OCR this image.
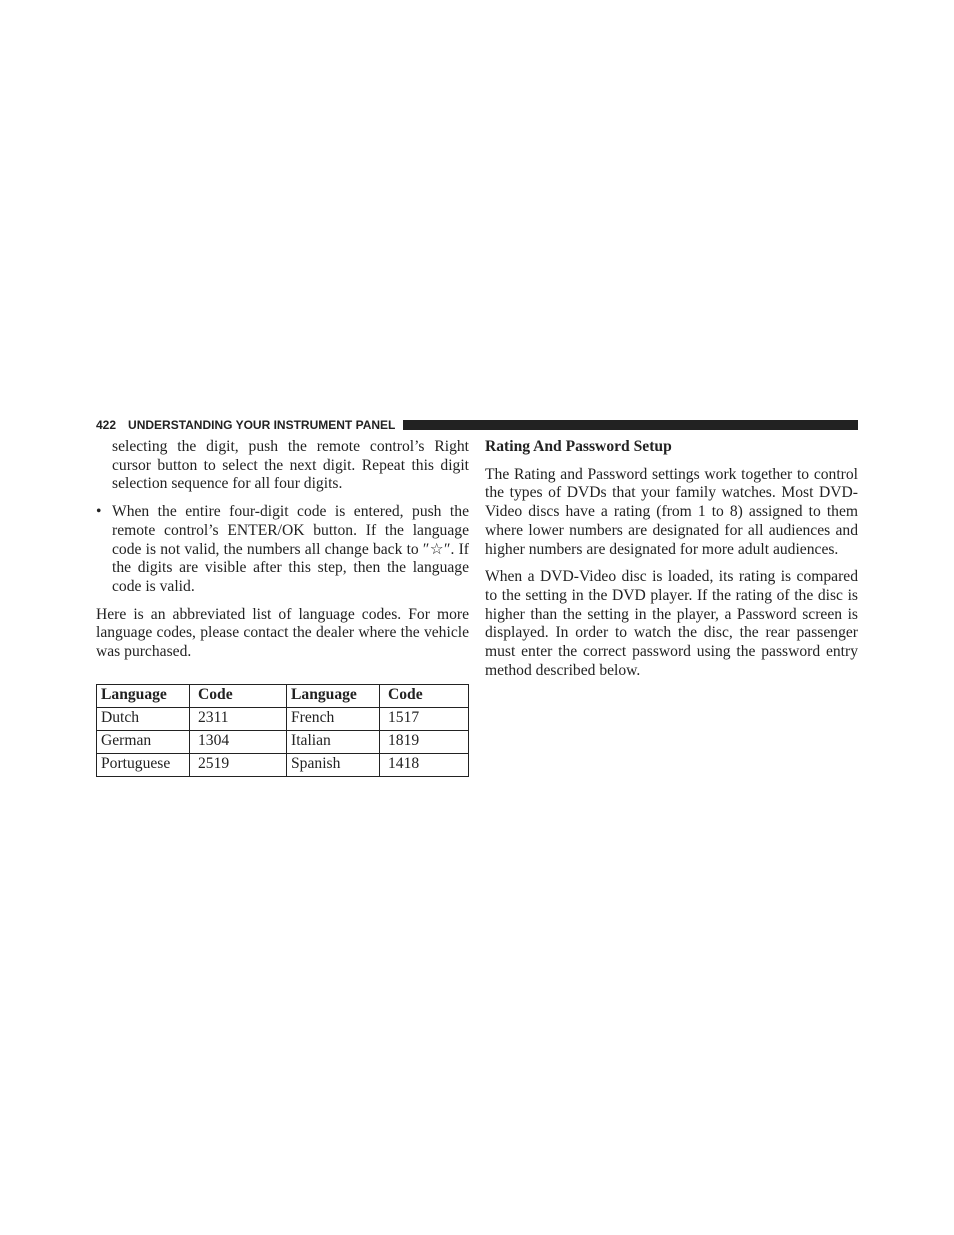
422 UNDERSTANDING YOUR INSTRUMENT PANEL

selecting the digit, push the remote control’s Right cursor button to select the next digit. Repeat this digit selection sequence for all four digits.

• When the entire four-digit code is entered, push the remote control’s ENTER/OK button. If the language code is not valid, the numbers all change back to ″☆″. If the digits are visible after this step, then the language code is valid.

Here is an abbreviated list of language codes. For more language codes, please contact the dealer where the vehicle was purchased.

Language	Code	Language	Code
Dutch	2311	French	1517
German	1304	Italian	1819
Portuguese	2519	Spanish	1418
Rating And Password Setup

The Rating and Password settings work together to control the types of DVDs that your family watches. Most DVD-Video discs have a rating (from 1 to 8) assigned to them where lower numbers are designated for all audiences and higher numbers are designated for more adult audiences.

When a DVD-Video disc is loaded, its rating is compared to the setting in the DVD player. If the rating of the disc is higher than the setting in the player, a Password screen is displayed. In order to watch the disc, the rear passenger must enter the correct password using the password entry method described below.
